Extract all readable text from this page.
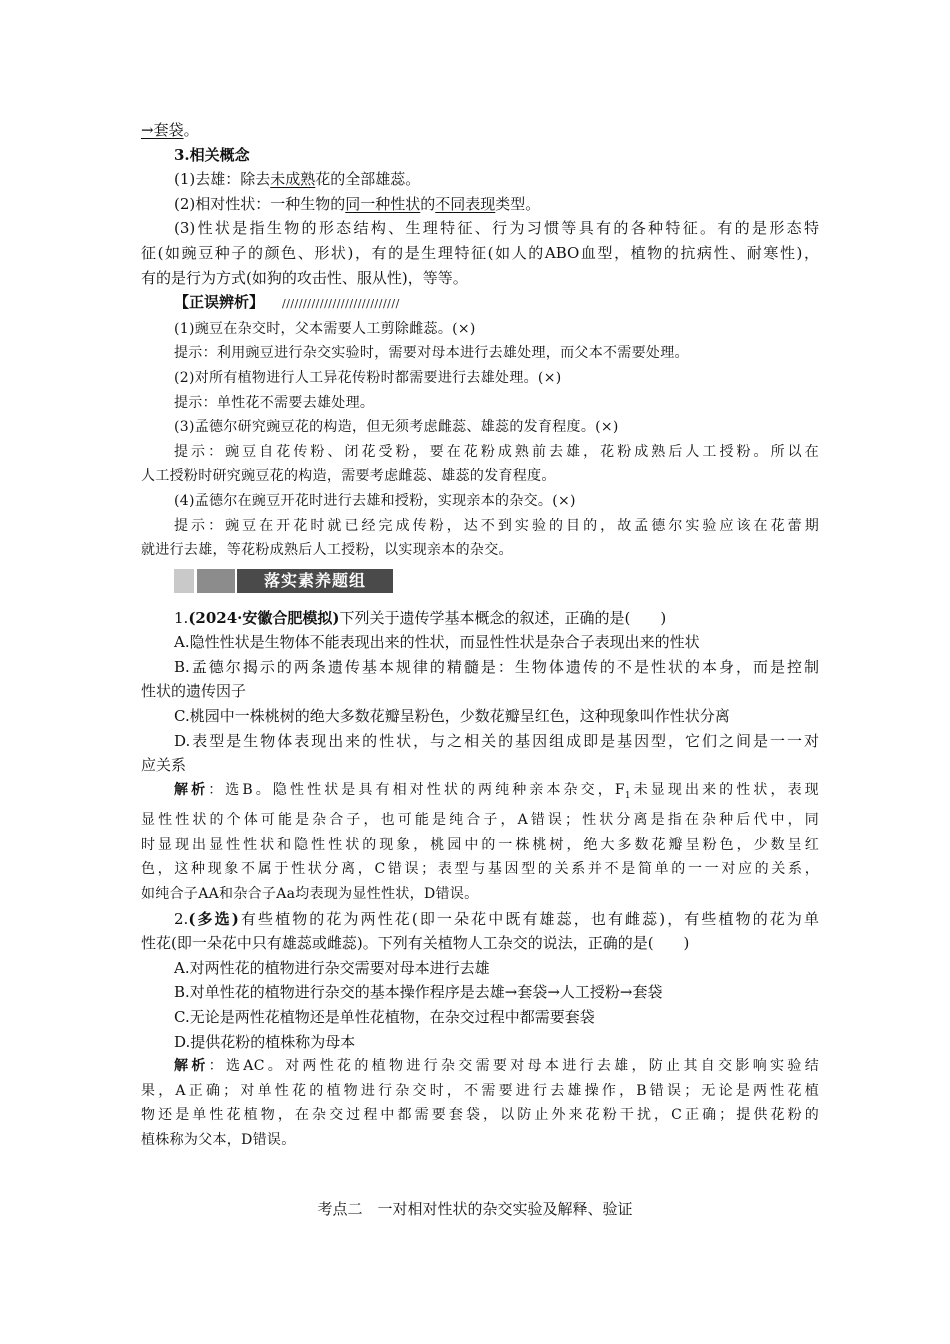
→套袋。
3.相关概念
(1)去雄：除去未成熟花的全部雄蕊。
(2)相对性状：一种生物的同一种性状的不同表现类型。
(3)性状是指生物的形态结构、生理特征、行为习惯等具有的各种特征。有的是形态特
征(如豌豆种子的颜色、形状)，有的是生理特征(如人的ABO血型，植物的抗病性、耐寒性)，
有的是行为方式(如狗的攻击性、服从性)，等等。
【正误辨析】 ////////////////////////////
(1)豌豆在杂交时，父本需要人工剪除雌蕊。(×)
提示：利用豌豆进行杂交实验时，需要对母本进行去雄处理，而父本不需要处理。
(2)对所有植物进行人工异花传粉时都需要进行去雄处理。(×)
提示：单性花不需要去雄处理。
(3)孟德尔研究豌豆花的构造，但无须考虑雌蕊、雄蕊的发育程度。(×)
提示：豌豆自花传粉、闭花受粉，要在花粉成熟前去雄，花粉成熟后人工授粉。所以在
人工授粉时研究豌豆花的构造，需要考虑雌蕊、雄蕊的发育程度。
(4)孟德尔在豌豆开花时进行去雄和授粉，实现亲本的杂交。(×)
提示：豌豆在开花时就已经完成传粉，达不到实验的目的，故孟德尔实验应该在花蕾期
就进行去雄，等花粉成熟后人工授粉，以实现亲本的杂交。
落实素养题组
1.(2024·安徽合肥模拟)下列关于遗传学基本概念的叙述，正确的是(　　)
A.隐性性状是生物体不能表现出来的性状，而显性性状是杂合子表现出来的性状
B.孟德尔揭示的两条遗传基本规律的精髓是：生物体遗传的不是性状的本身，而是控制
性状的遗传因子
C.桃园中一株桃树的绝大多数花瓣呈粉色，少数花瓣呈红色，这种现象叫作性状分离
D.表型是生物体表现出来的性状，与之相关的基因组成即是基因型，它们之间是一一对
应关系
解析：选B。隐性性状是具有相对性状的两纯种亲本杂交，$F_1$未显现出来的性状，表现
显性性状的个体可能是杂合子，也可能是纯合子，A错误；性状分离是指在杂种后代中，同
时显现出显性性状和隐性性状的现象，桃园中的一株桃树，绝大多数花瓣呈粉色，少数呈红
色，这种现象不属于性状分离，C错误；表型与基因型的关系并不是简单的一一对应的关系，
如纯合子AA和杂合子Aa均表现为显性性状，D错误。
2.(多选)有些植物的花为两性花(即一朵花中既有雄蕊，也有雌蕊)，有些植物的花为单
性花(即一朵花中只有雄蕊或雌蕊)。下列有关植物人工杂交的说法，正确的是(　　)
A.对两性花的植物进行杂交需要对母本进行去雄
B.对单性花的植物进行杂交的基本操作程序是去雄→套袋→人工授粉→套袋
C.无论是两性花植物还是单性花植物，在杂交过程中都需要套袋
D.提供花粉的植株称为母本
解析：选AC。对两性花的植物进行杂交需要对母本进行去雄，防止其自交影响实验结
果，A正确；对单性花的植物进行杂交时，不需要进行去雄操作，B错误；无论是两性花植
物还是单性花植物，在杂交过程中都需要套袋，以防止外来花粉干扰，C正确；提供花粉的
植株称为父本，D错误。
考点二　一对相对性状的杂交实验及解释、验证
